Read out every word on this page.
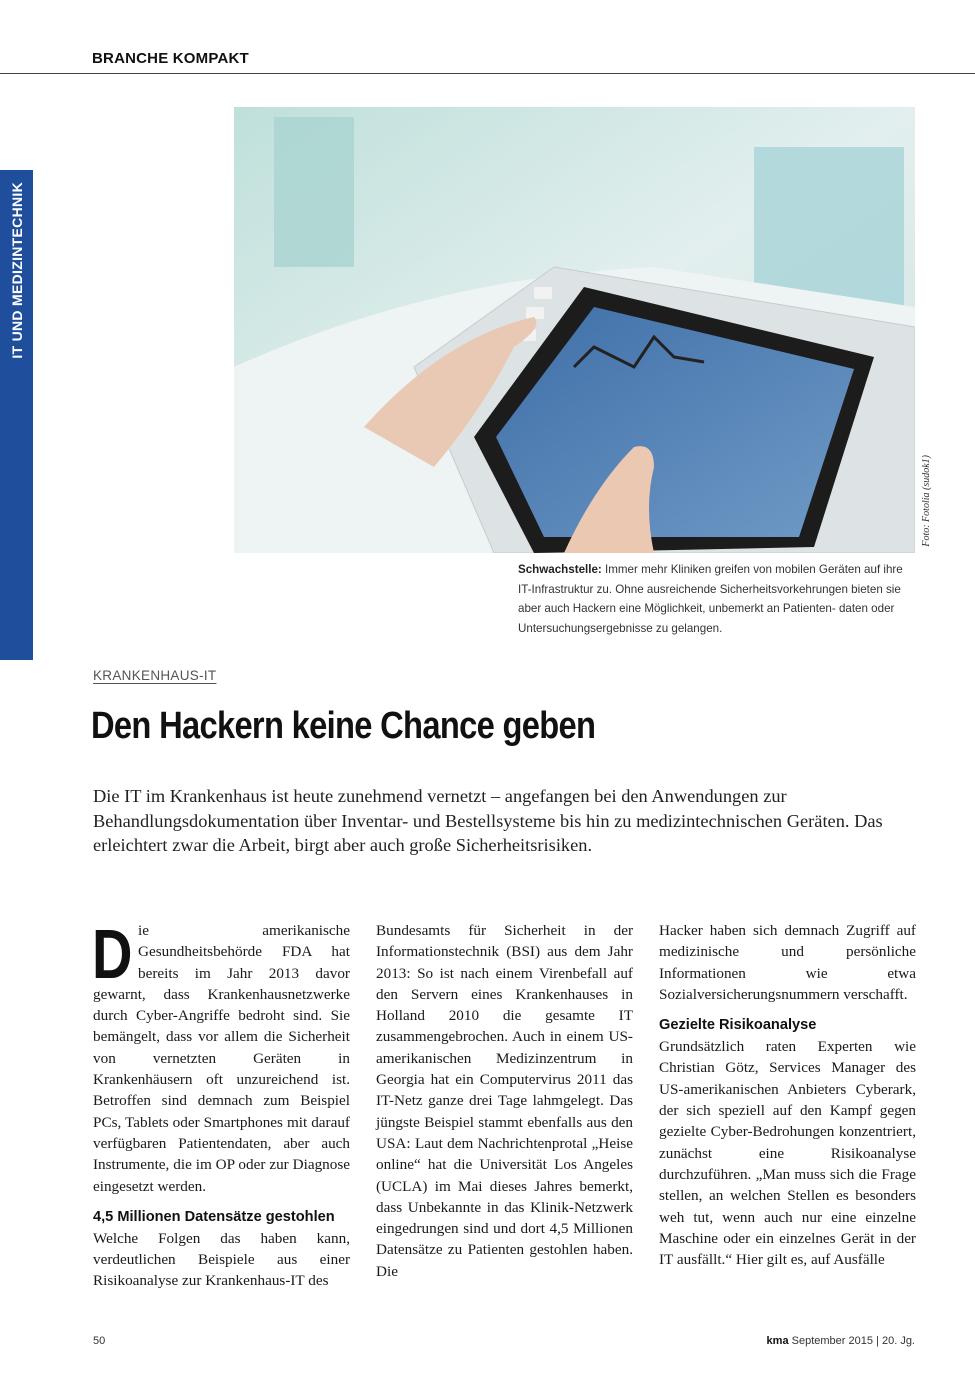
BRANCHE KOMPAKT
IT UND MEDIZINTECHNIK
Foto: Fotolia (sudok1)
Schwachstelle: Immer mehr Kliniken greifen von mobilen Geräten auf ihre IT-Infrastruktur zu. Ohne ausreichende Sicherheitsvorkehrungen bieten sie aber auch Hackern eine Möglichkeit, unbemerkt an Patienten- daten oder Untersuchungsergebnisse zu gelangen.
KRANKENHAUS-IT
Den Hackern keine Chance geben

Die IT im Krankenhaus ist heute zunehmend vernetzt – angefangen bei den Anwendungen zur Behandlungsdokumentation über Inventar- und Bestellsysteme bis hin zu medizintechnischen Geräten. Das erleichtert zwar die Arbeit, birgt aber auch große Sicherheitsrisiken.

Die amerikanische Gesundheitsbehörde FDA hat bereits im Jahr 2013 davor gewarnt, dass Krankenhausnetzwerke durch Cyber-Angriffe bedroht sind. Sie bemängelt, dass vor allem die Sicherheit von vernetzten Geräten in Krankenhäusern oft unzureichend ist. Betroffen sind demnach zum Beispiel PCs, Tablets oder Smartphones mit darauf verfügbaren Patientendaten, aber auch Instrumente, die im OP oder zur Diagnose eingesetzt werden.

4,5 Millionen Datensätze gestohlen

Welche Folgen das haben kann, verdeutlichen Beispiele aus einer Risikoanalyse zur Krankenhaus-IT des

Bundesamts für Sicherheit in der Informationstechnik (BSI) aus dem Jahr 2013: So ist nach einem Virenbefall auf den Servern eines Krankenhauses in Holland 2010 die gesamte IT zusammengebrochen. Auch in einem US-amerikanischen Medizinzentrum in Georgia hat ein Computervirus 2011 das IT-Netz ganze drei Tage lahmgelegt. Das jüngste Beispiel stammt ebenfalls aus den USA: Laut dem Nachrichtenprotal „Heise online“ hat die Universität Los Angeles (UCLA) im Mai dieses Jahres bemerkt, dass Unbekannte in das Klinik-Netzwerk eingedrungen sind und dort 4,5 Millionen Datensätze zu Patienten gestohlen haben. Die

Hacker haben sich demnach Zugriff auf medizinische und persönliche Informationen wie etwa Sozialversicherungsnummern verschafft.

Gezielte Risikoanalyse

Grundsätzlich raten Experten wie Christian Götz, Services Manager des US-amerikanischen Anbieters Cyberark, der sich speziell auf den Kampf gegen gezielte Cyber-Bedrohungen konzentriert, zunächst eine Risikoanalyse durchzuführen. „Man muss sich die Frage stellen, an welchen Stellen es besonders weh tut, wenn auch nur eine einzelne Maschine oder ein einzelnes Gerät in der IT ausfällt.“ Hier gilt es, auf Ausfälle

50	kma September 2015 | 20. Jg.
